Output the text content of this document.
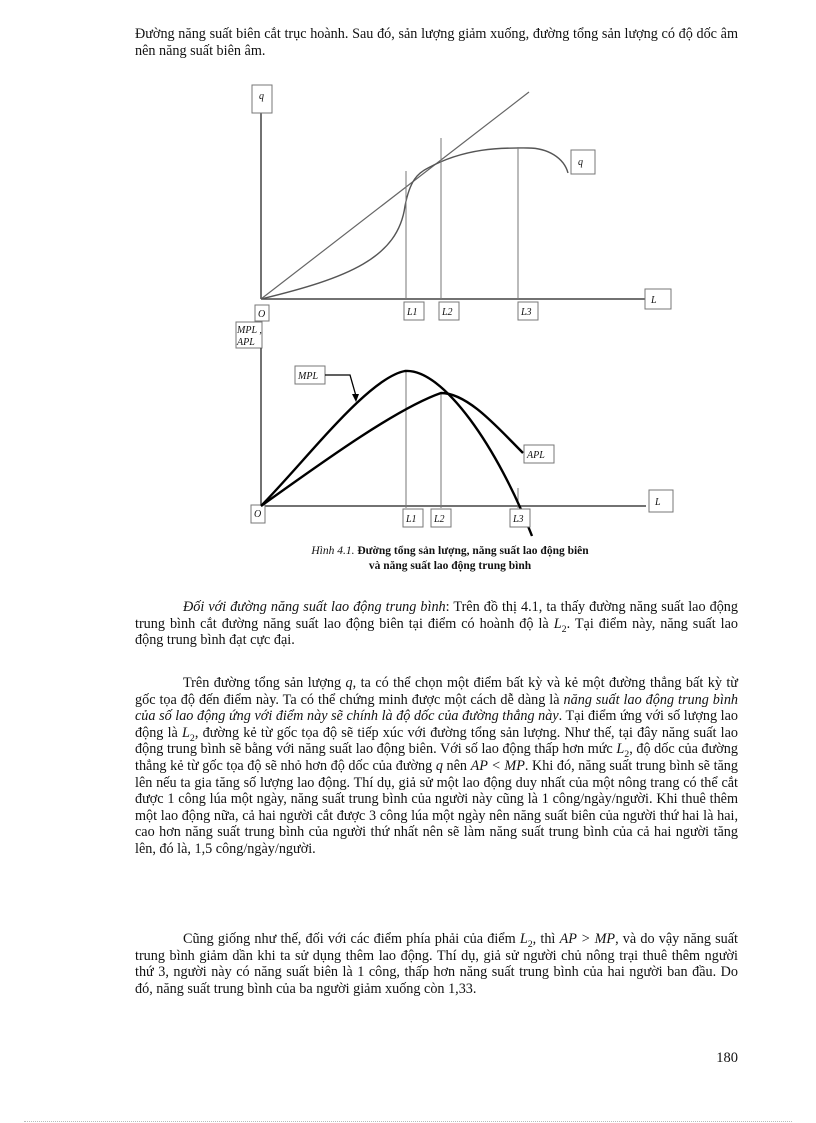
Đường năng suất biên cắt trục hoành. Sau đó, sản lượng giảm xuống, đường tổng sản lượng có độ dốc âm nên năng suất biên âm.

q
L
O
q
L1 L2	L3
MPL ,
APL
L
O
MPL
APL
L1 L2	L3
Hình 4.1. Đường tổng sản lượng, năng suất lao động biên
và năng suất lao động trung bình

Đối với đường năng suất lao động trung bình: Trên đồ thị 4.1, ta thấy đường năng suất lao động trung bình cắt đường năng suất lao động biên tại điểm có hoành độ là $L_2$. Tại điểm này, năng suất lao động trung bình đạt cực đại.

Trên đường tổng sản lượng q, ta có thể chọn một điểm bất kỳ và kẻ một đường thẳng bất kỳ từ gốc tọa độ đến điểm này. Ta có thể chứng minh được một cách dễ dàng là năng suất lao động trung bình của số lao động ứng với điểm này sẽ chính là độ dốc của đường thẳng này. Tại điểm ứng với số lượng lao động là $L_2$, đường kẻ từ gốc tọa độ sẽ tiếp xúc với đường tổng sản lượng. Như thế, tại đây năng suất lao động trung bình sẽ bằng với năng suất lao động biên. Với số lao động thấp hơn mức $L_2$, độ dốc của đường thẳng kẻ từ gốc tọa độ sẽ nhỏ hơn độ dốc của đường q nên AP < MP. Khi đó, năng suất trung bình sẽ tăng lên nếu ta gia tăng số lượng lao động. Thí dụ, giả sử một lao động duy nhất của một nông trang có thể cắt được 1 công lúa một ngày, năng suất trung bình của người này cũng là 1 công/ngày/người. Khi thuê thêm một lao động nữa, cả hai người cắt được 3 công lúa một ngày nên năng suất biên của người thứ hai là hai, cao hơn năng suất trung bình của người thứ nhất nên sẽ làm năng suất trung bình của cả hai người tăng lên, đó là, 1,5 công/ngày/người.

Cũng giống như thế, đối với các điểm phía phải của điểm $L_2$, thì AP > MP, và do vậy năng suất trung bình giảm dần khi ta sử dụng thêm lao động. Thí dụ, giả sử người chủ nông trại thuê thêm người thứ 3, người này có năng suất biên là 1 công, thấp hơn năng suất trung bình của hai người ban đầu. Do đó, năng suất trung bình của ba người giảm xuống còn 1,33.

180
